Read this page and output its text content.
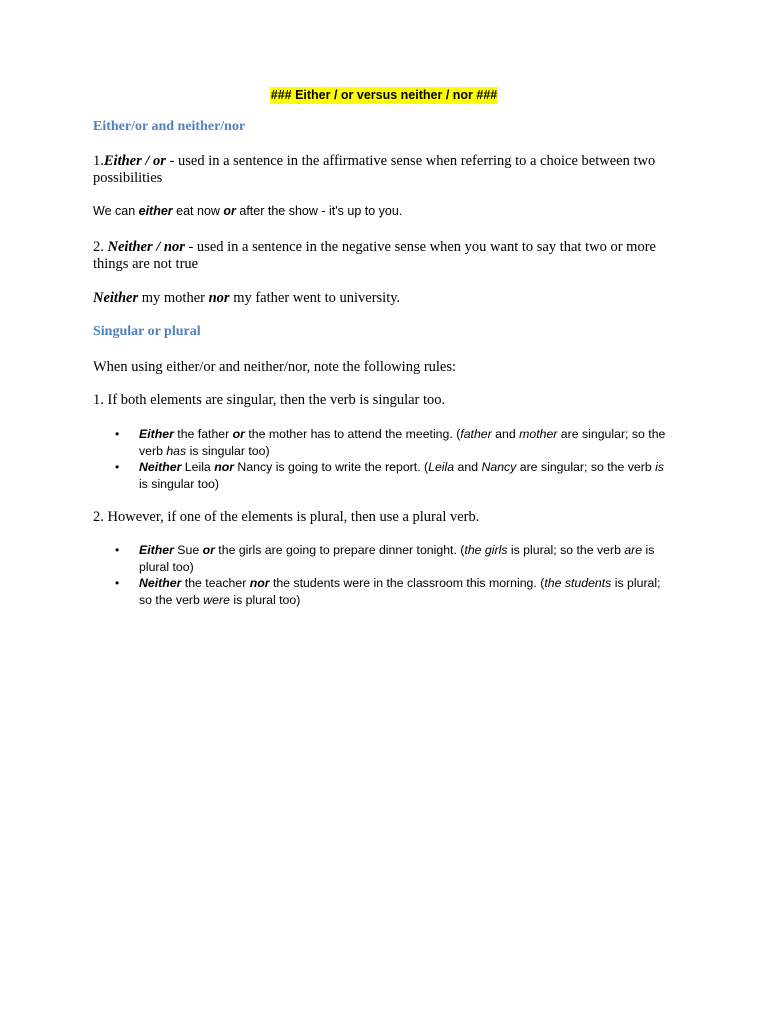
### Either / or versus neither / nor ###
Either/or and neither/nor

1.Either / or - used in a sentence in the affirmative sense when referring to a choice between two possibilities

We can either eat now or after the show - it's up to you.

2. Neither / nor - used in a sentence in the negative sense when you want to say that two or more things are not true

Neither my mother nor my father went to university.

Singular or plural

When using either/or and neither/nor, note the following rules:

1. If both elements are singular, then the verb is singular too.

• Either the father or the mother has to attend the meeting. (father and mother are singular; so the verb has is singular too)
• Neither Leila nor Nancy is going to write the report. (Leila and Nancy are singular; so the verb is is singular too)

2. However, if one of the elements is plural, then use a plural verb.

• Either Sue or the girls are going to prepare dinner tonight. (the girls is plural; so the verb are is plural too)
• Neither the teacher nor the students were in the classroom this morning. (the students is plural; so the verb were is plural too)
